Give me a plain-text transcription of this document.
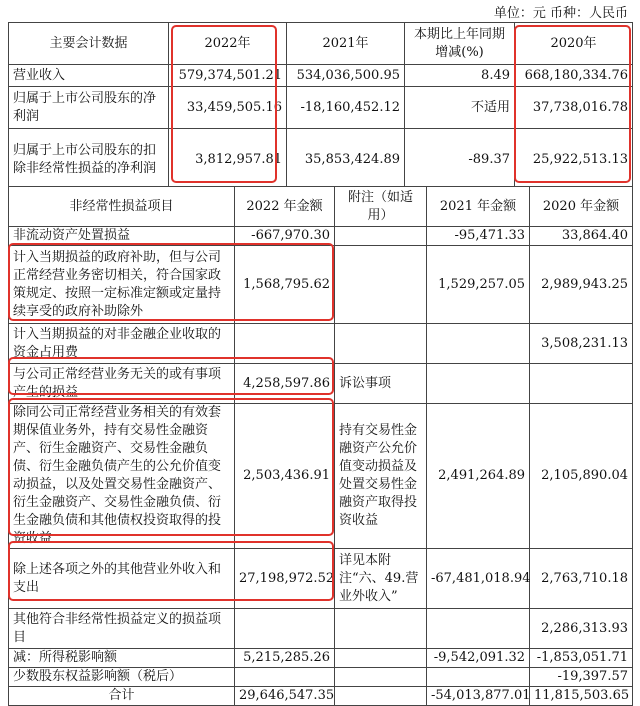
单位：元 币种：人民币
主要会计数据	2022年	2021年	本期比上年同期增减(%)	2020年
营业收入	579,374,501.21	534,036,500.95	8.49	668,180,334.76
归属于上市公司股东的净利润	33,459,505.16	-18,160,452.12	不适用	37,738,016.78
归属于上市公司股东的扣除非经常性损益的净利润	3,812,957.81	35,853,424.89	-89.37	25,922,513.13
非经常性损益项目	2022 年金额	附注（如适用）	2021 年金额	2020 年金额
非流动资产处置损益	-667,970.30		-95,471.33	33,864.40
计入当期损益的政府补助，但与公司正常经营业务密切相关，符合国家政策规定、按照一定标准定额或定量持续享受的政府补助除外	1,568,795.62		1,529,257.05	2,989,943.25
计入当期损益的对非金融企业收取的资金占用费				3,508,231.13
与公司正常经营业务无关的或有事项产生的损益	4,258,597.86	诉讼事项		
除同公司正常经营业务相关的有效套期保值业务外，持有交易性金融资产、衍生金融资产、交易性金融负债、衍生金融负债产生的公允价值变动损益，以及处置交易性金融资产、衍生金融资产、交易性金融负债、衍生金融负债和其他债权投资取得的投资收益	2,503,436.91	持有交易性金融资产公允价值变动损益及处置交易性金融资产取得投资收益	2,491,264.89	2,105,890.04
除上述各项之外的其他营业外收入和支出	27,198,972.52	详见本附注“六、49.营业外收入”	-67,481,018.94	2,763,710.18
其他符合非经常性损益定义的损益项目				2,286,313.93
减：所得税影响额	5,215,285.26		-9,542,091.32	-1,853,051.71
少数股东权益影响额（税后）				-19,397.57
合计	29,646,547.35		-54,013,877.01	11,815,503.65
